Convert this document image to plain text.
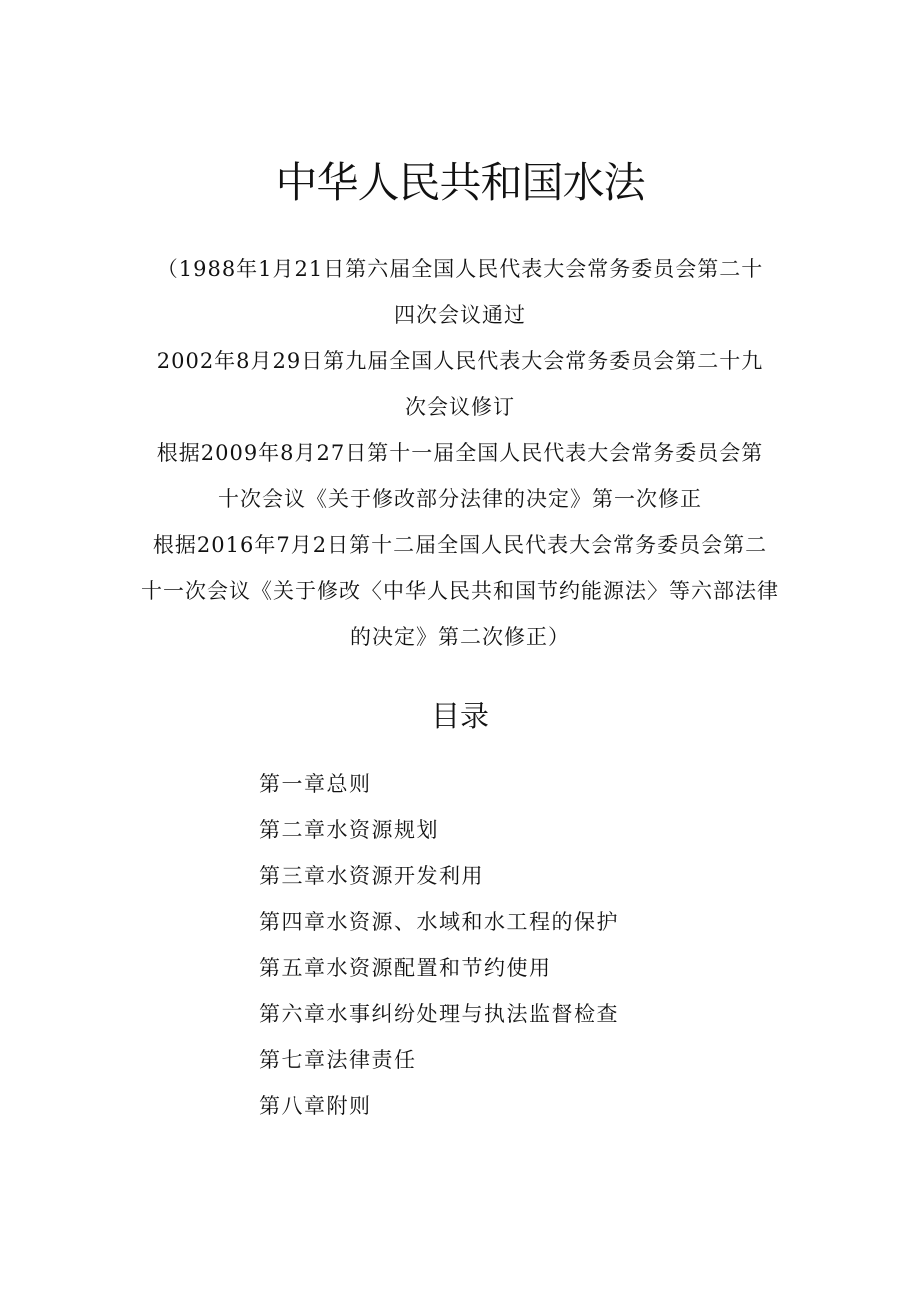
中华人民共和国水法
（1988年1月21日第六届全国人民代表大会常务委员会第二十
四次会议通过
2002年8月29日第九届全国人民代表大会常务委员会第二十九
次会议修订
根据2009年8月27日第十一届全国人民代表大会常务委员会第
十次会议《关于修改部分法律的决定》第一次修正
根据2016年7月2日第十二届全国人民代表大会常务委员会第二
十一次会议《关于修改〈中华人民共和国节约能源法〉等六部法律
的决定》第二次修正）
目录
第一章总则
第二章水资源规划
第三章水资源开发利用
第四章水资源、水域和水工程的保护
第五章水资源配置和节约使用
第六章水事纠纷处理与执法监督检查
第七章法律责任
第八章附则
